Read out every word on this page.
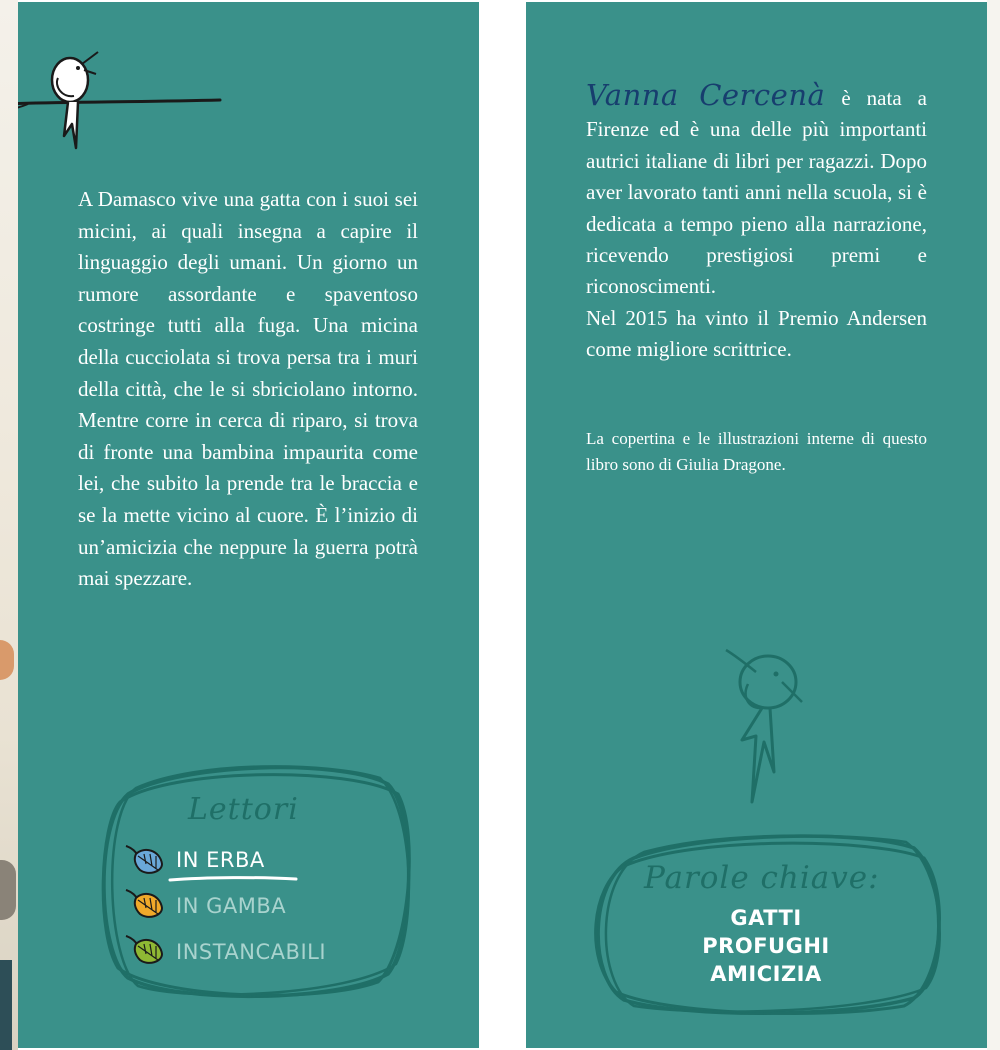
A Damasco vive una gatta con i suoi sei micini, ai quali insegna a capire il linguaggio degli umani. Un giorno un rumore assordante e spaventoso costringe tutti alla fuga. Una micina della cucciolata si trova persa tra i muri della città, che le si sbriciolano intorno. Mentre corre in cerca di riparo, si trova di fronte una bambina impaurita come lei, che subito la prende tra le braccia e se la mette vicino al cuore. È l’inizio di un’amicizia che neppure la guerra potrà mai spezzare.

Lettori
IN ERBA
IN GAMBA
INSTANCABILI

Vanna Cercenà è nata a Firenze ed è una delle più importanti autrici italiane di libri per ragazzi. Dopo aver lavorato tanti anni nella scuola, si è dedicata a tempo pieno alla narrazione, ricevendo prestigiosi premi e riconoscimenti.

Nel 2015 ha vinto il Premio Andersen come migliore scrittrice.

La copertina e le illustrazioni interne di questo libro sono di Giulia Dragone.

Parole chiave:
GATTI
PROFUGHI
AMICIZIA
